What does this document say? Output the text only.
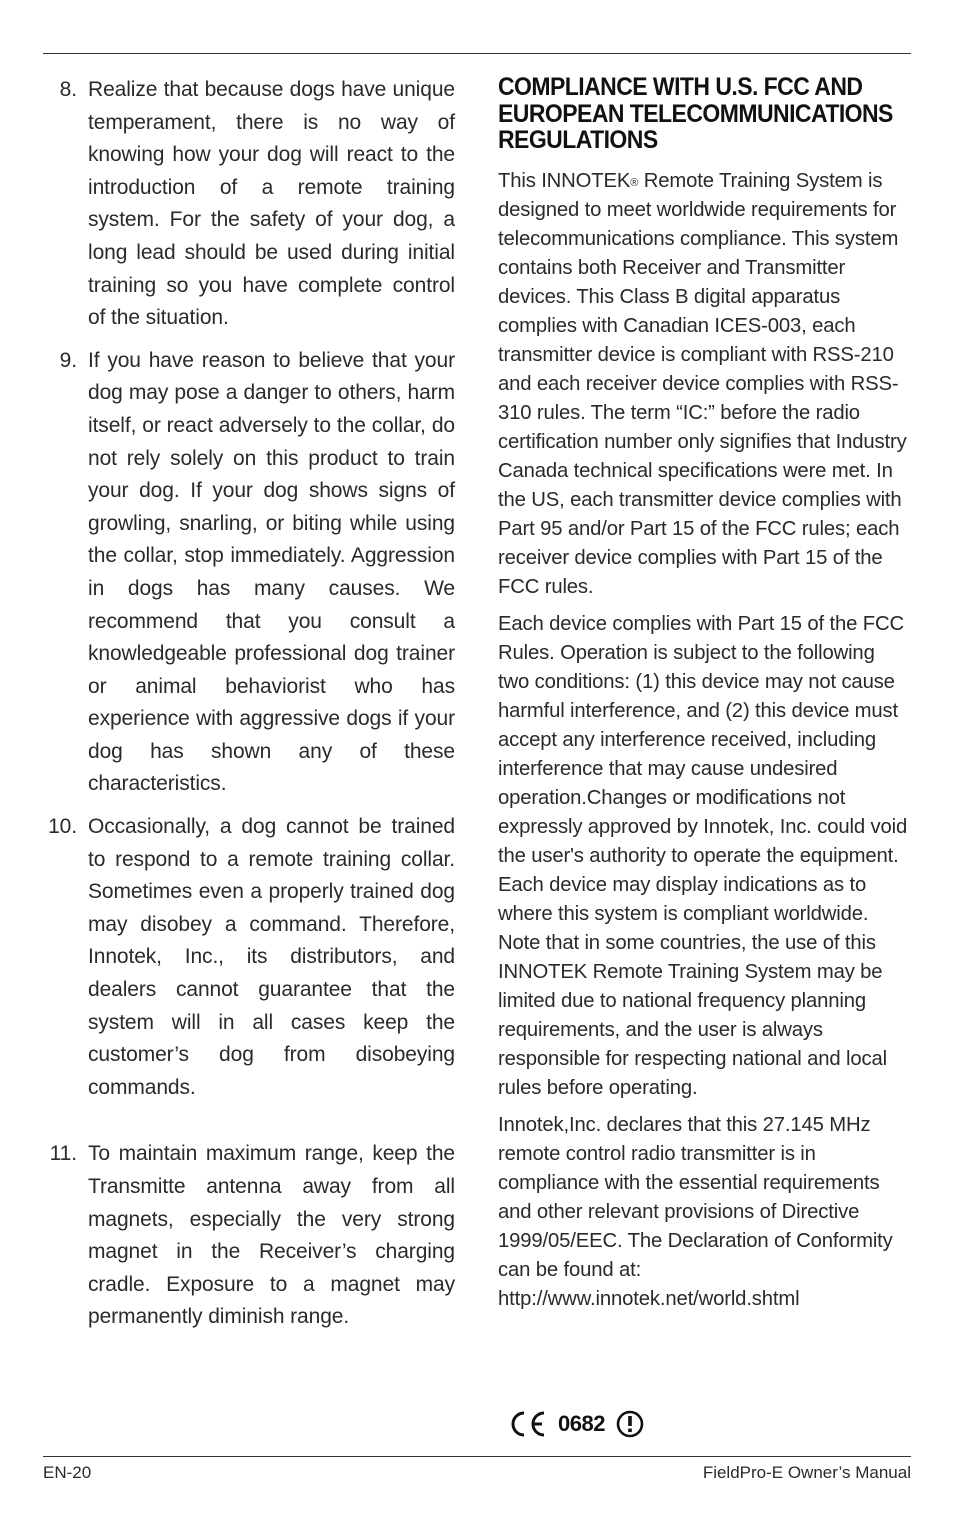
8. Realize that because dogs have unique temperament, there is no way of knowing how your dog will react to the introduction of a remote training system. For the safety of your dog, a long lead should be used during initial training so you have complete control of the situation.
9. If you have reason to believe that your dog may pose a danger to others, harm itself, or react adversely to the collar, do not rely solely on this product to train your dog. If your dog shows signs of growling, snarling, or biting while using the collar, stop immediately. Aggression in dogs has many causes. We recommend that you consult a knowledgeable professional dog trainer or animal behaviorist who has experience with aggressive dogs if your dog has shown any of these characteristics.
10. Occasionally, a dog cannot be trained to respond to a remote training collar. Sometimes even a properly trained dog may disobey a command. Therefore, Innotek, Inc., its distributors, and dealers cannot guarantee that the system will in all cases keep the customer’s dog from disobeying commands.
11. To maintain maximum range, keep the Transmitte antenna away from all magnets, especially the very strong magnet in the Receiver’s charging cradle. Exposure to a magnet may permanently diminish range.
COMPLIANCE WITH U.S. FCC AND EUROPEAN TELECOMMUNICATIONS REGULATIONS

This INNOTEK® Remote Training System is designed to meet worldwide requirements for telecommunications compliance. This system contains both Receiver and Transmitter devices. This Class B digital apparatus complies with Canadian ICES-003, each transmitter device is compliant with RSS-210 and each receiver device complies with RSS-310 rules. The term “IC:” before the radio certification number only signifies that Industry Canada technical specifications were met. In the US, each transmitter device complies with Part 95 and/or Part 15 of the FCC rules; each receiver device complies with Part 15 of the FCC rules.

Each device complies with Part 15 of the FCC Rules. Operation is subject to the following two conditions: (1) this device may not cause harmful interference, and (2) this device must accept any interference received, including interference that may cause undesired operation.Changes or modifications not expressly approved by Innotek, Inc. could void the user's authority to operate the equipment. Each device may display indications as to where this system is compliant worldwide. Note that in some countries, the use of this INNOTEK Remote Training System may be limited due to national frequency planning requirements, and the user is always responsible for respecting national and local rules before operating.

Innotek,Inc. declares that this 27.145 MHz remote control radio transmitter is in compliance with the essential requirements and other relevant provisions of Directive 1999/05/EEC. The Declaration of Conformity can be found at:
http://www.innotek.net/world.shtml

0682
EN-20	FieldPro-E Owner’s Manual
